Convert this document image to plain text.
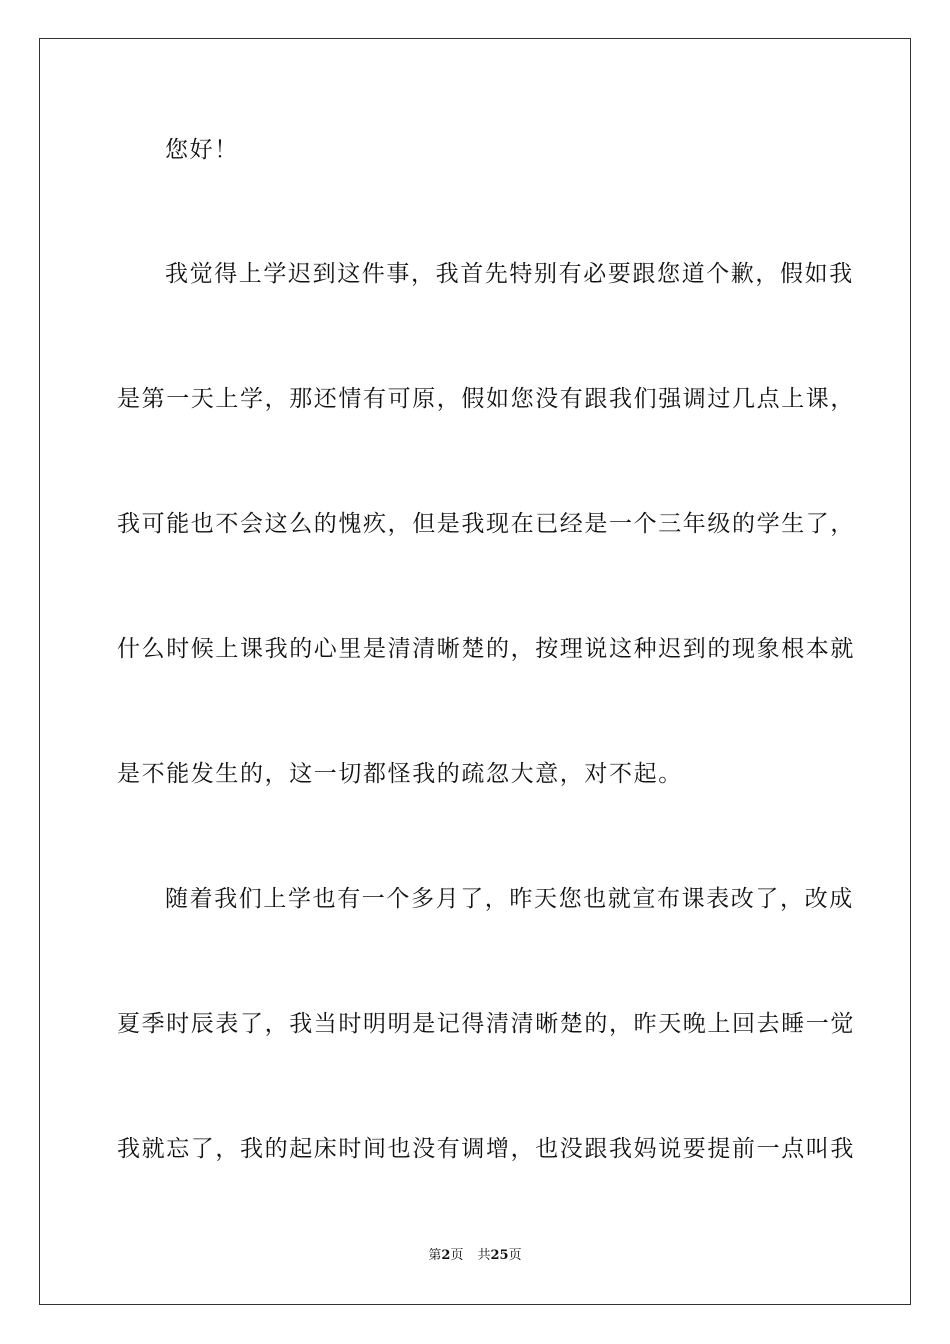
您好！
我觉得上学迟到这件事，我首先特别有必要跟您道个歉，假如我
是第一天上学，那还情有可原，假如您没有跟我们强调过几点上课，
我可能也不会这么的愧疚，但是我现在已经是一个三年级的学生了，
什么时候上课我的心里是清清晰楚的，按理说这种迟到的现象根本就
是不能发生的，这一切都怪我的疏忽大意，对不起。
随着我们上学也有一个多月了，昨天您也就宣布课表改了，改成
夏季时辰表了，我当时明明是记得清清晰楚的，昨天晚上回去睡一觉
我就忘了，我的起床时间也没有调增，也没跟我妈说要提前一点叫我
第2页 共25页
